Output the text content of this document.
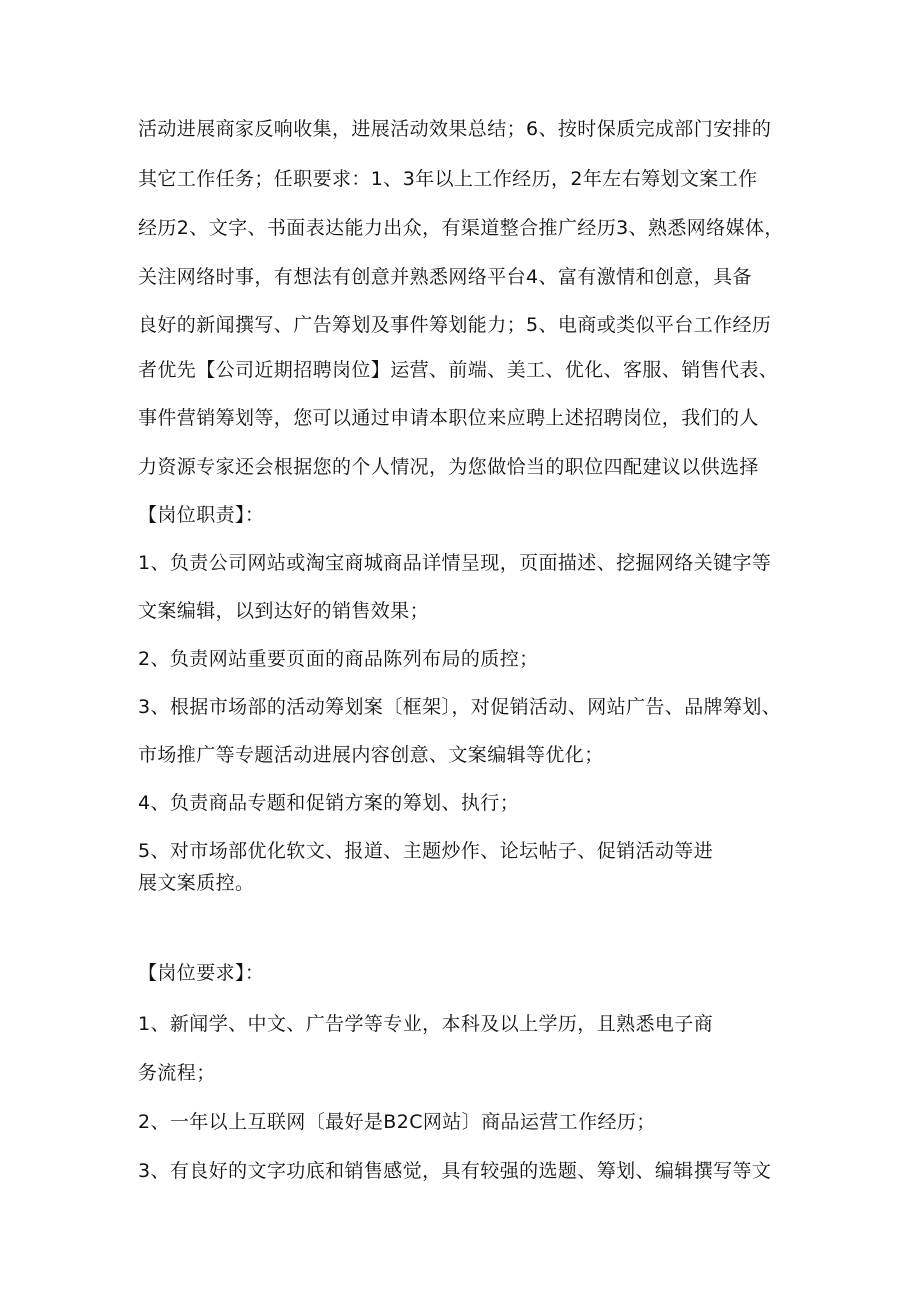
活动进展商家反响收集，进展活动效果总结；6、按时保质完成部门安排的
其它工作任务；任职要求：1、3年以上工作经历，2年左右筹划文案工作
经历2、文字、书面表达能力出众，有渠道整合推广经历3、熟悉网络媒体，
关注网络时事，有想法有创意并熟悉网络平台4、富有激情和创意，具备
良好的新闻撰写、广告筹划及事件筹划能力；5、电商或类似平台工作经历
者优先【公司近期招聘岗位】运营、前端、美工、优化、客服、销售代表、
事件营销筹划等，您可以通过申请本职位来应聘上述招聘岗位，我们的人
力资源专家还会根据您的个人情况，为您做恰当的职位四配建议以供选择
【岗位职责】：
1、负责公司网站或淘宝商城商品详情呈现，页面描述、挖掘网络关键字等
文案编辑，以到达好的销售效果；
2、负责网站重要页面的商品陈列布局的质控；
3、根据市场部的活动筹划案〔框架〕，对促销活动、网站广告、品牌筹划、
市场推广等专题活动进展内容创意、文案编辑等优化；
4、负责商品专题和促销方案的筹划、执行；
5、对市场部优化软文、报道、主题炒作、论坛帖子、促销活动等进
展文案质控。
【岗位要求】：
1、新闻学、中文、广告学等专业，本科及以上学历，且熟悉电子商
务流程；
2、一年以上互联网〔最好是B2C网站〕商品运营工作经历；
3、有良好的文字功底和销售感觉，具有较强的选题、筹划、编辑撰写等文
